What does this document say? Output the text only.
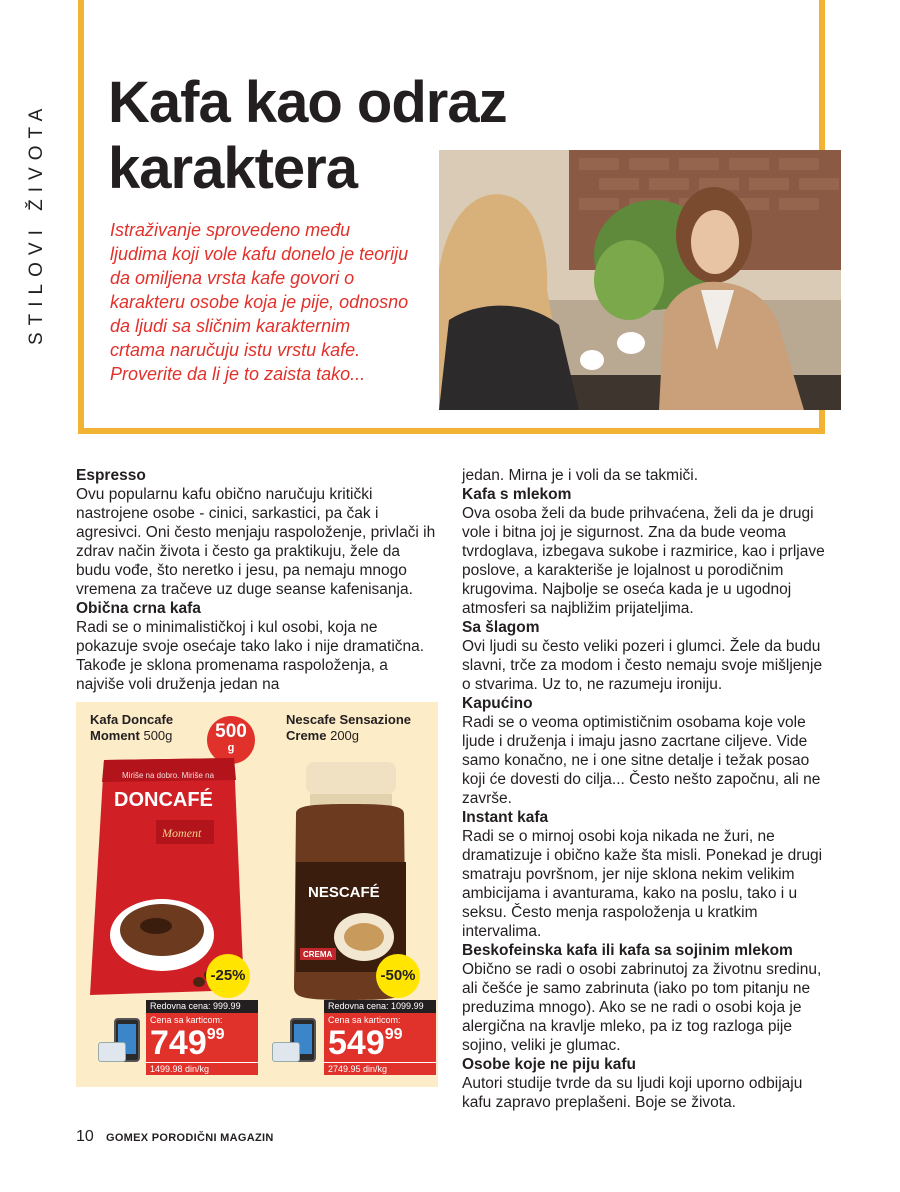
STILOVI ŽIVOTA Kafa kao odraz
karaktera

Istraživanje sprovedeno među ljudima koji vole kafu donelo je teoriju da omiljena vrsta kafe govori o karakteru osobe koja je pije, odnosno da ljudi sa sličnim karakternim crtama naručuju istu vrstu kafe. Proverite da li je to zaista tako...

Espresso

Ovu popularnu kafu obično naručuju kritički nastrojene osobe - cinici, sarkastici, pa čak i agresivci. Oni često menjaju raspoloženje, privlači ih zdrav način života i često ga praktikuju, žele da budu vođe, što neretko i jesu, pa nemaju mnogo vremena za tračeve uz duge seanse kafenisanja.

Obična crna kafa

Radi se o minimalističkoj i kul osobi, koja ne pokazuje svoje osećaje tako lako i nije dramatična. Takođe je sklona promenama raspoloženja, a najviše voli druženja jedan na

jedan. Mirna je i voli da se takmiči.

Kafa s mlekom

Ova osoba želi da bude prihvaćena, želi da je drugi vole i bitna joj je sigurnost. Zna da bude veoma tvrdoglava, izbegava sukobe i razmirice, kao i prljave poslove, a karakteriše je lojalnost u porodičnim krugovima. Najbolje se oseća kada je u ugodnoj atmosferi sa najbližim prijateljima.

Sa šlagom

Ovi ljudi su često veliki pozeri i glumci. Žele da budu slavni, trče za modom i često nemaju svoje mišljenje o stvarima. Uz to, ne razumeju ironiju.

Kapućino

Radi se o veoma optimističnim osobama koje vole ljude i druženja i imaju jasno zacrtane ciljeve. Vide samo konačno, ne i one sitne detalje i težak posao koji će dovesti do cilja... Često nešto započnu, ali ne završe.

Instant kafa

Radi se o mirnoj osobi koja nikada ne žuri, ne dramatizuje i obično kaže šta misli. Ponekad je drugi smatraju površnom, jer nije sklona nekim velikim ambicijama i avanturama, kako na poslu, tako i u seksu. Često menja raspoloženja u kratkim intervalima.

Beskofeinska kafa ili kafa sa sojinim mlekom

Obično se radi o osobi zabrinutoj za životnu sredinu, ali češće je samo zabrinuta (iako po tom pitanju ne preduzima mnogo). Ako se ne radi o osobi koja je alergična na kravlje mleko, pa iz tog razloga pije sojino, veliki je glumac.

Osobe koje ne piju kafu

Autori studije tvrde da su ljudi koji uporno odbijaju kafu zapravo preplašeni. Boje se života.

Kafa Doncafe Moment 500g	500
g
Miriše na dobro. Miriše na
DONCAFÉ
Moment
Nescafe Sensazione Creme 200g
NESCAFÉ
CREMA
-25%	-50%
Redovna cena: 999.99
Cena sa karticom:
$749^{99}$
1499.98 din/kg
Redovna cena: 1099.99
Cena sa karticom:
$549^{99}$
2749.95 din/kg
10 GOMEX PORODIČNI MAGAZIN
